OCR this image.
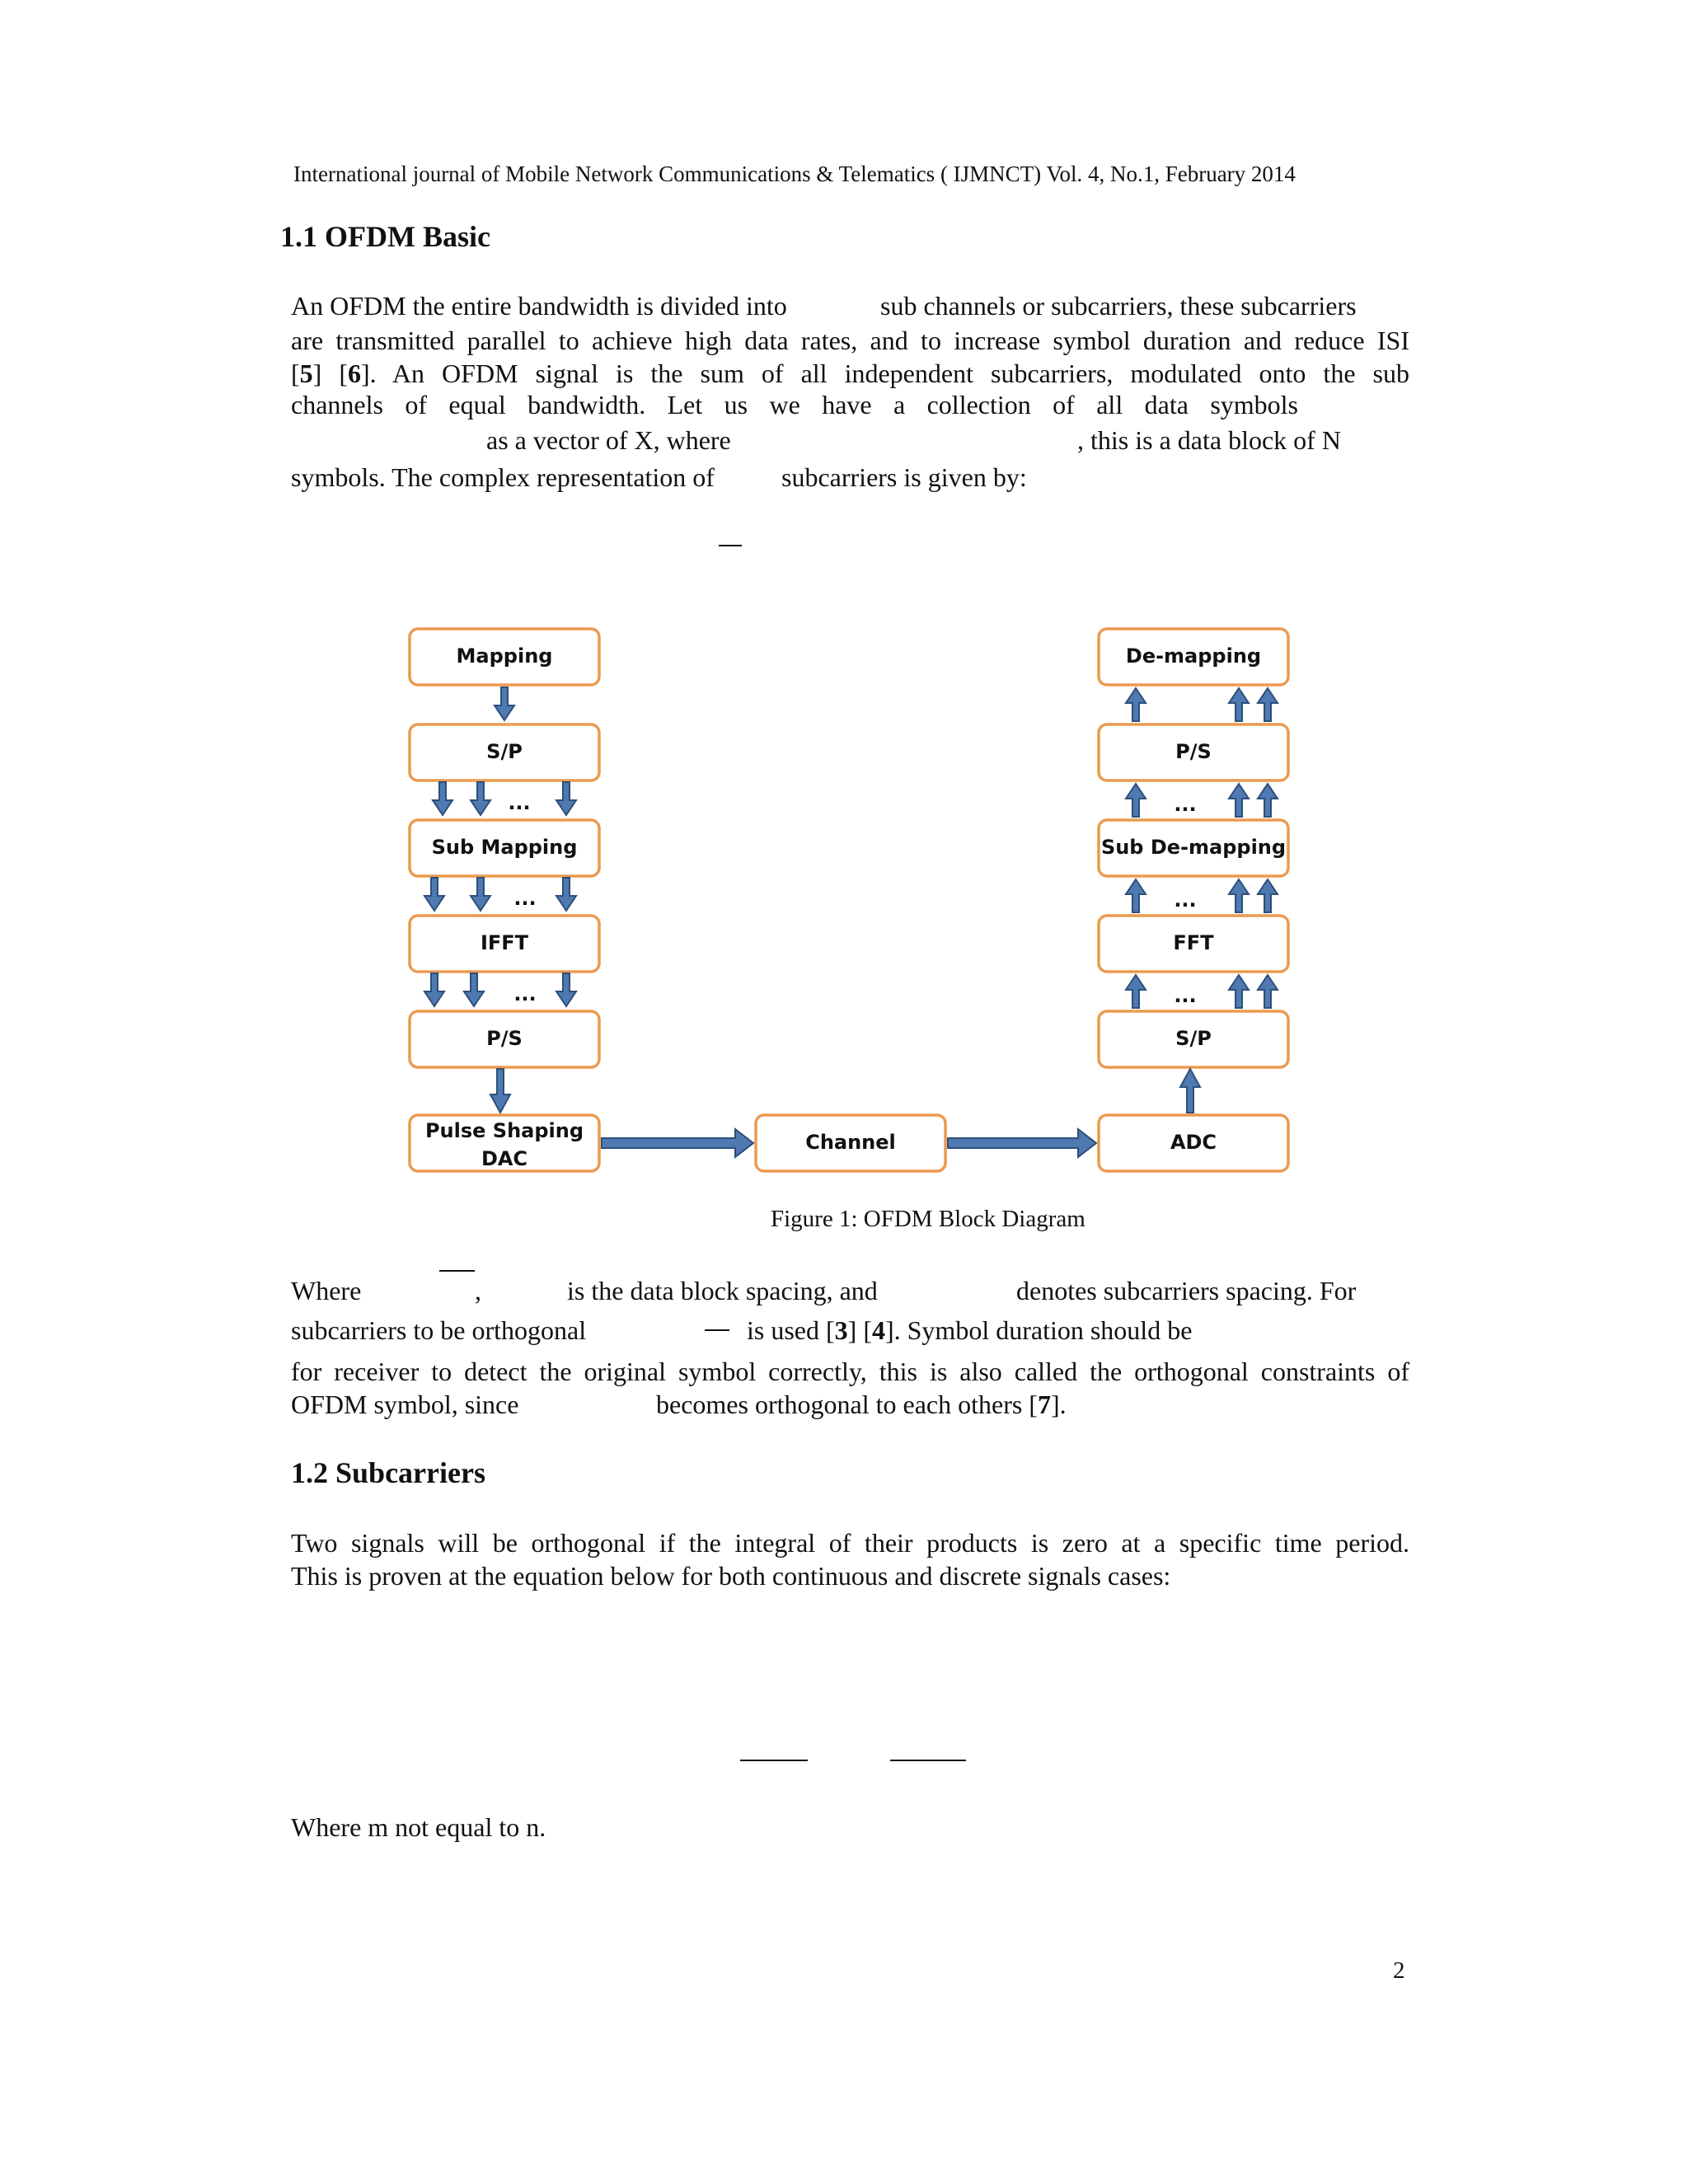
International journal of Mobile Network Communications & Telematics ( IJMNCT) Vol. 4, No.1, February 2014
1.1 OFDM Basic
An OFDM the entire bandwidth is divided into	sub channels or subcarriers, these subcarriers
are transmitted parallel to achieve high data rates, and to increase symbol duration and reduce ISI
[5] [6]. An OFDM signal is the sum of all independent subcarriers, modulated onto the sub
channels of equal bandwidth. Let us we have a collection of all data symbols
as a vector of X, where	, this is a data block of N
symbols. The complex representation of	subcarriers is given by:
Mapping
S/P
Sub Mapping
IFFT
P/S
Pulse Shaping
DAC
Channel
De-mapping
P/S
Sub De-mapping
FFT
S/P
ADC
...
...
...	...
...
...
Figure 1: OFDM Block Diagram
Where	,	is the data block spacing, and	denotes subcarriers spacing. For
subcarriers to be orthogonal	is used [3] [4]. Symbol duration should be
for receiver to detect the original symbol correctly, this is also called the orthogonal constraints of
OFDM symbol, since	becomes orthogonal to each others [7].
1.2 Subcarriers
Two signals will be orthogonal if the integral of their products is zero at a specific time period.
This is proven at the equation below for both continuous and discrete signals cases:
Where m not equal to n.
2
